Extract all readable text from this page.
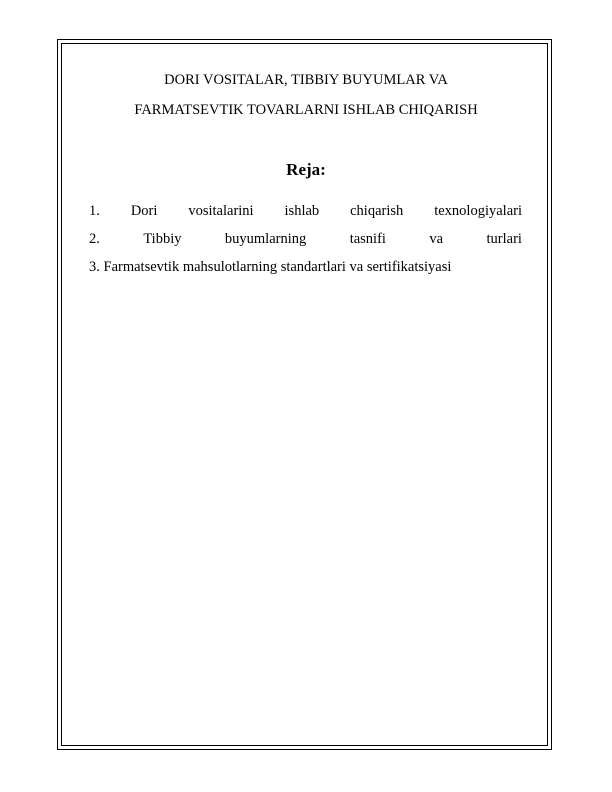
DORI VOSITALAR, TIBBIY BUYUMLAR VA
FARMATSEVTIK TOVARLARNI ISHLAB CHIQARISH
Reja:
1. Dori vositalarini ishlab chiqarish texnologiyalari
2.	Tibbiy	buyumlarning	tasnifi	va	turlari
3. Farmatsevtik mahsulotlarning standartlari va sertifikatsiyasi
